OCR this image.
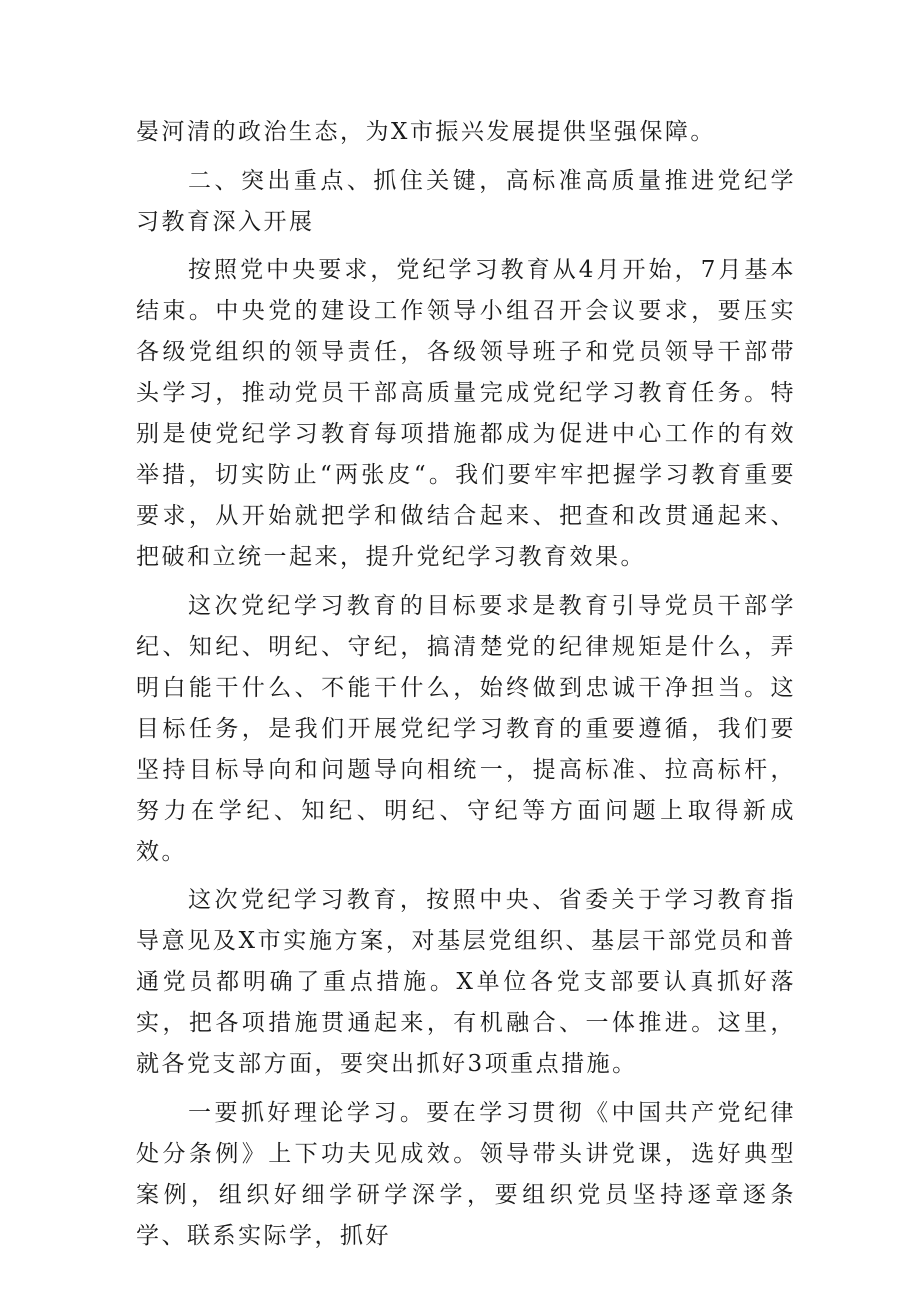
晏河清的政治生态，为X市振兴发展提供坚强保障。

二、突出重点、抓住关键，高标准高质量推进党纪学习教育深入开展

按照党中央要求，党纪学习教育从4月开始，7月基本结束。中央党的建设工作领导小组召开会议要求，要压实各级党组织的领导责任，各级领导班子和党员领导干部带头学习，推动党员干部高质量完成党纪学习教育任务。特别是使党纪学习教育每项措施都成为促进中心工作的有效举措，切实防止“两张皮“。我们要牢牢把握学习教育重要要求，从开始就把学和做结合起来、把查和改贯通起来、把破和立统一起来，提升党纪学习教育效果。

这次党纪学习教育的目标要求是教育引导党员干部学纪、知纪、明纪、守纪，搞清楚党的纪律规矩是什么，弄明白能干什么、不能干什么，始终做到忠诚干净担当。这目标任务，是我们开展党纪学习教育的重要遵循，我们要坚持目标导向和问题导向相统一，提高标准、拉高标杆，努力在学纪、知纪、明纪、守纪等方面问题上取得新成效。

这次党纪学习教育，按照中央、省委关于学习教育指导意见及X市实施方案，对基层党组织、基层干部党员和普通党员都明确了重点措施。X单位各党支部要认真抓好落实，把各项措施贯通起来，有机融合、一体推进。这里，就各党支部方面，要突出抓好3项重点措施。

一要抓好理论学习。要在学习贯彻《中国共产党纪律处分条例》上下功夫见成效。领导带头讲党课，选好典型案例，组织好细学研学深学，要组织党员坚持逐章逐条学、联系实际学，抓好
